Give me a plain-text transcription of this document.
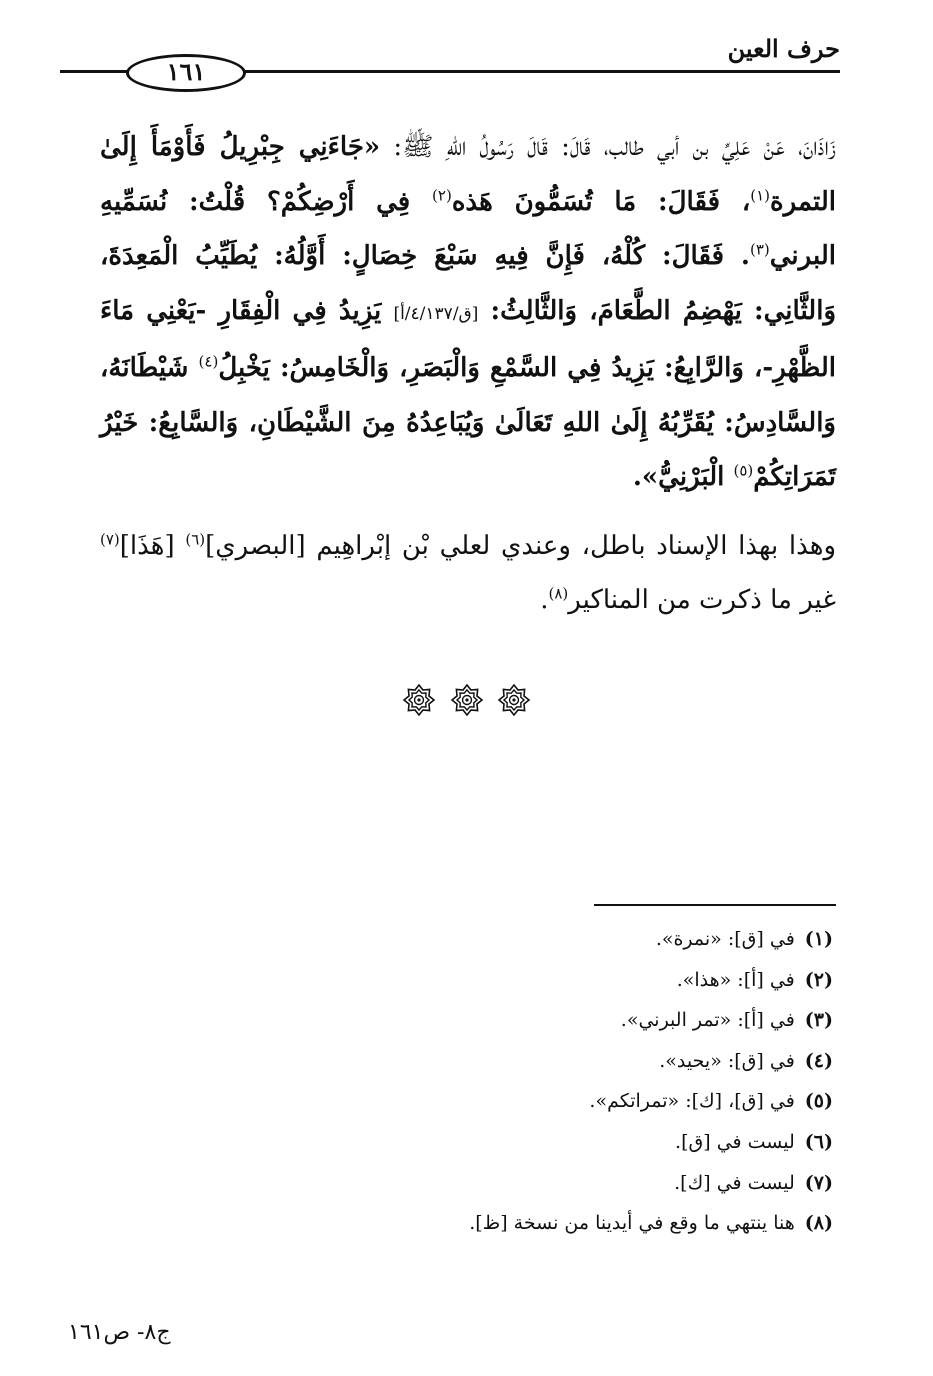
حرف العين
١٦١

زَاذَانَ، عَنْ عَلِيِّ بن أبي طالب، قَالَ: قَالَ رَسُولُ اللهِ ﷺ: «جَاءَنِي جِبْرِيلُ فَأَوْمَأَ إِلَىٰ التمرة$^{(١)}$، فَقَالَ: مَا تُسَمُّونَ هَذه$^{(٢)}$ فِي أَرْضِكُمْ؟ قُلْتُ: نُسَمِّيهِ البرني$^{(٣)}$. فَقَالَ: كُلْهُ، فَإِنَّ فِيهِ سَبْعَ خِصَالٍ: أَوَّلُهُ: يُطَيِّبُ الْمَعِدَةَ، وَالثَّانِي: يَهْضِمُ الطَّعَامَ، وَالثَّالِثُ: [ق/٤/١٣٧/أ] يَزِيدُ فِي الْفِقَارِ -يَعْنِي مَاءَ الظَّهْرِ-، وَالرَّابِعُ: يَزِيدُ فِي السَّمْعِ وَالْبَصَرِ، وَالْخَامِسُ: يَخْبِلُ$^{(٤)}$ شَيْطَانَهُ، وَالسَّادِسُ: يُقَرِّبُهُ إِلَىٰ اللهِ تَعَالَىٰ وَيُبَاعِدُهُ مِنَ الشَّيْطَانِ، وَالسَّابِعُ: خَيْرُ تَمَرَاتِكُمْ$^{(٥)}$ الْبَرْنِيُّ».

وهذا بهذا الإسناد باطل، وعندي لعلي بْن إبْراهِيم [البصري]$^{(٦)}$ [هَذَا]$^{(٧)}$ غير ما ذكرت من المناكير$^{(٨)}$.

(١)في [ق]: «نمرة».
(٢)في [أ]: «هذا».
(٣)في [أ]: «تمر البرني».
(٤)في [ق]: «يحيد».
(٥)في [ق]، [ك]: «تمراتكم».
(٦)ليست في [ق].
(٧)ليست في [ك].
(٨)هنا ينتهي ما وقع في أيدينا من نسخة [ظ].
ج٨- ص١٦١
